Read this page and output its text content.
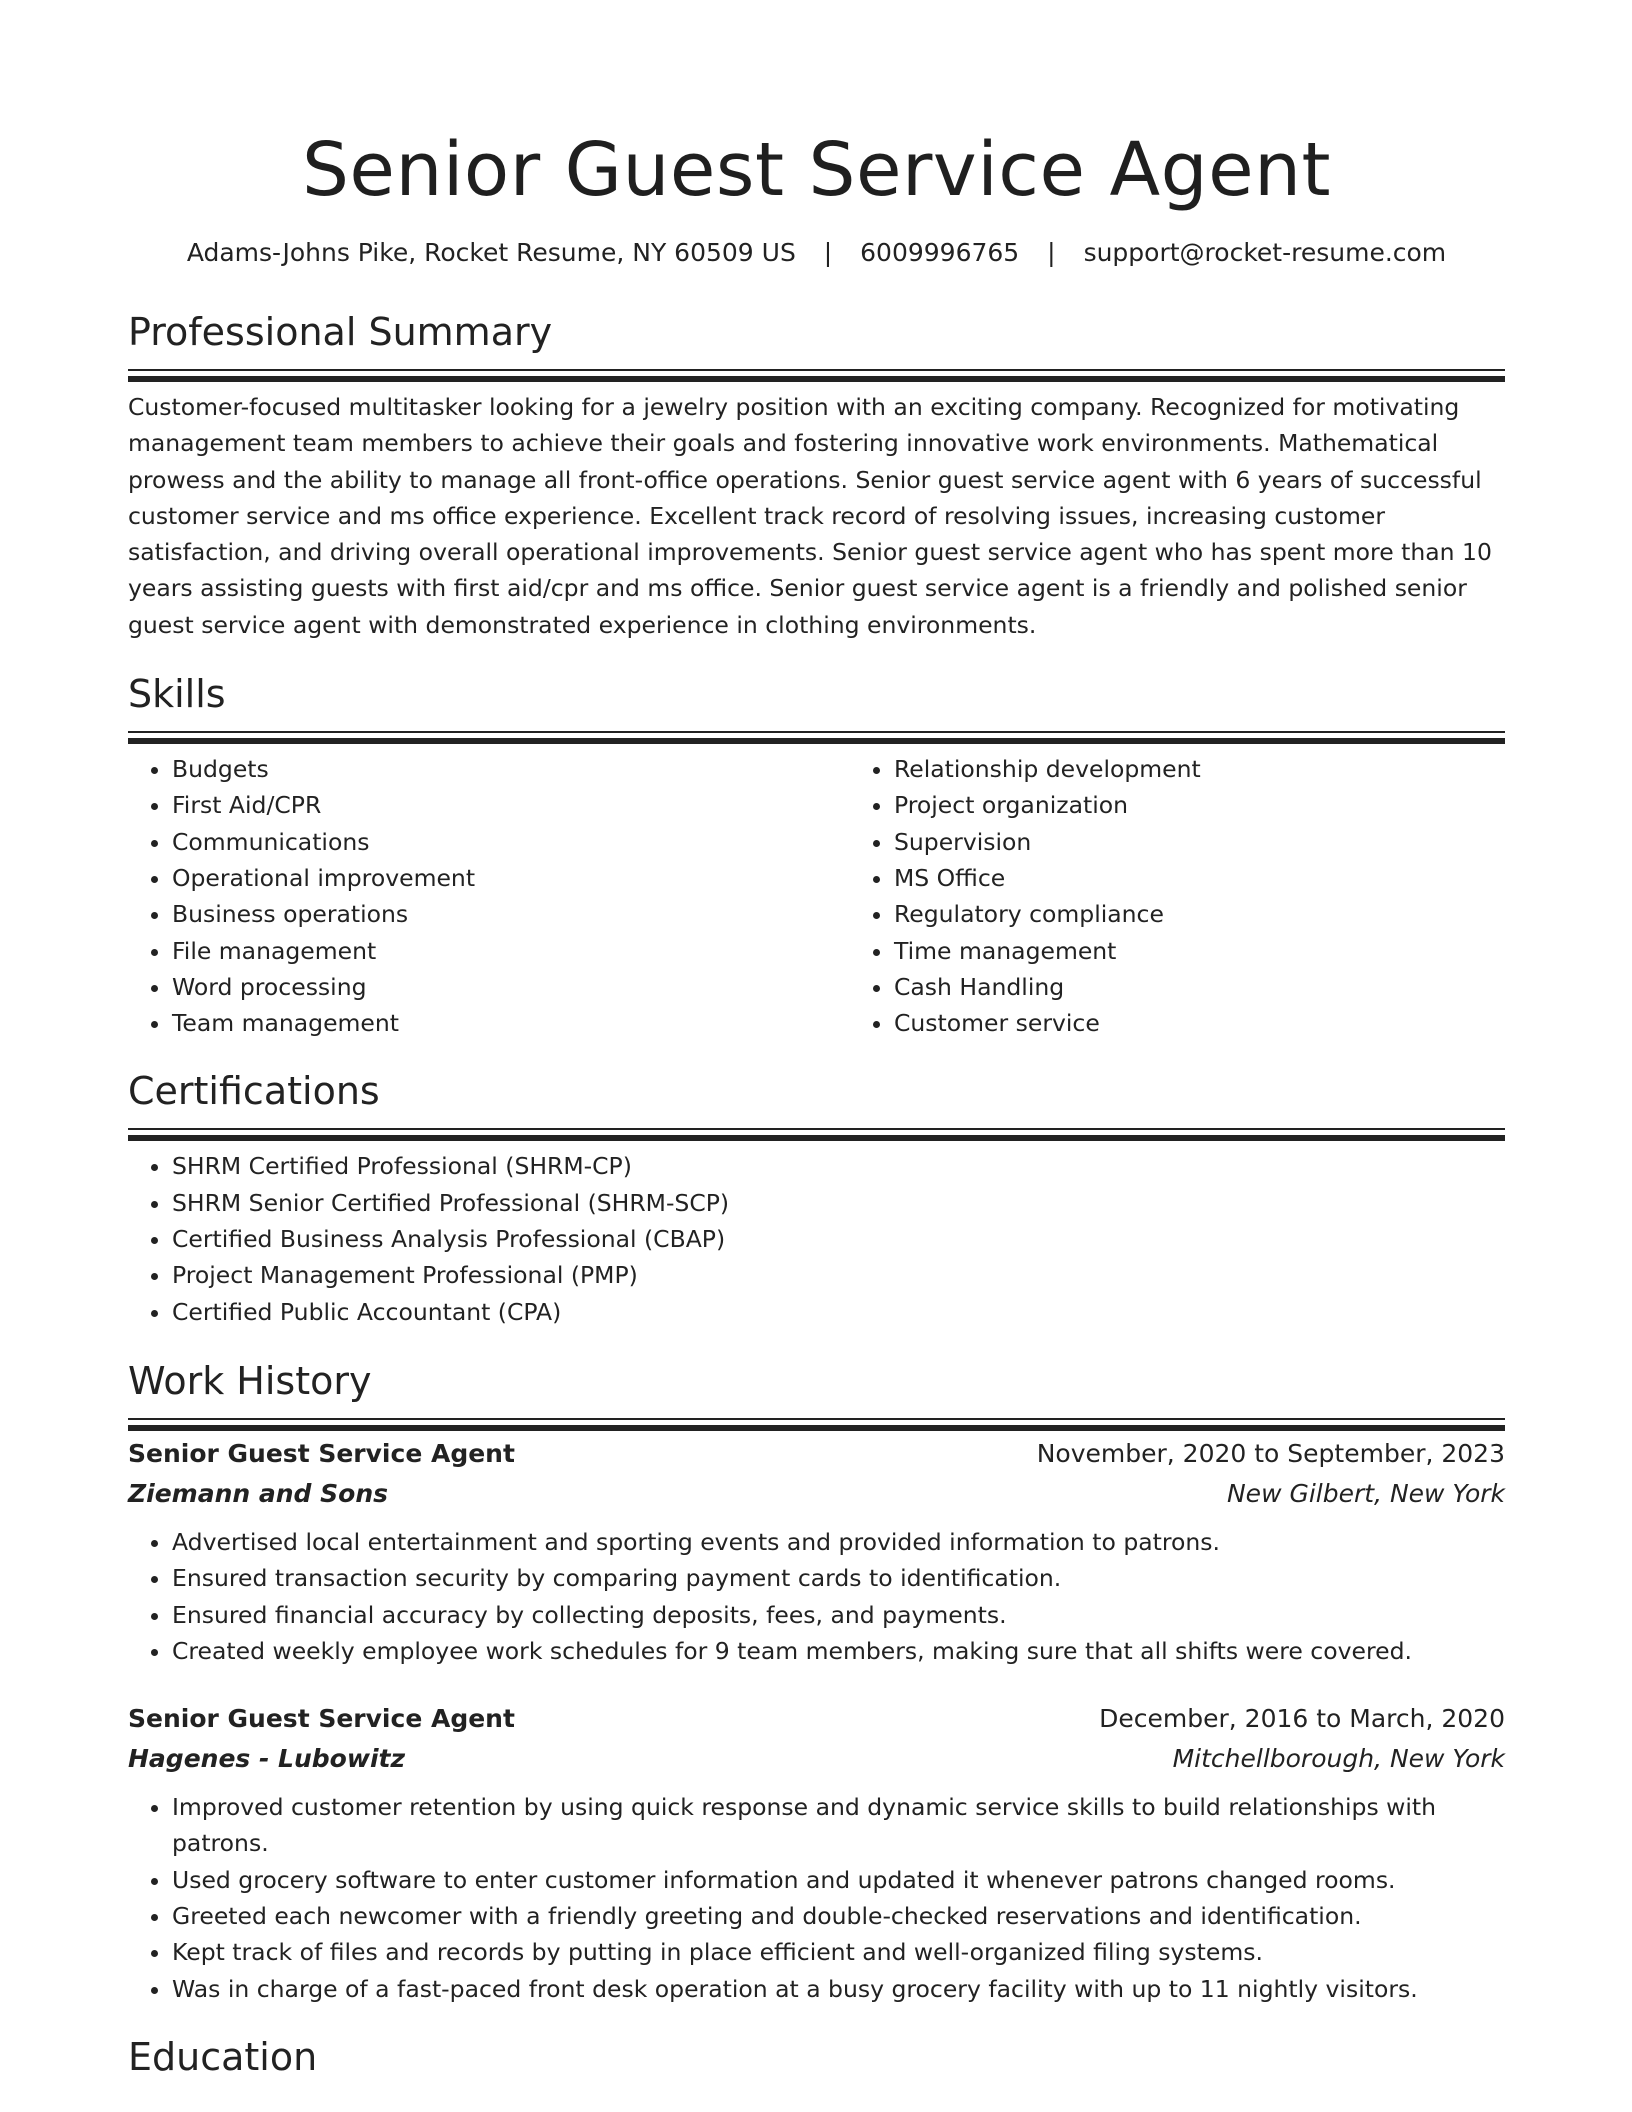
Senior Guest Service Agent
Adams-Johns Pike, Rocket Resume, NY 60509 US | 6009996765 | support@rocket-resume.com
Professional Summary

Customer-focused multitasker looking for a jewelry position with an exciting company. Recognized for motivating management team members to achieve their goals and fostering innovative work environments. Mathematical prowess and the ability to manage all front-office operations. Senior guest service agent with 6 years of successful customer service and ms office experience. Excellent track record of resolving issues, increasing customer satisfaction, and driving overall operational improvements. Senior guest service agent who has spent more than 10 years assisting guests with first aid/cpr and ms office. Senior guest service agent is a friendly and polished senior guest service agent with demonstrated experience in clothing environments.

Skills
• Budgets
• First Aid/CPR
• Communications
• Operational improvement
• Business operations
• File management
• Word processing
• Team management
• Relationship development
• Project organization
• Supervision
• MS Office
• Regulatory compliance
• Time management
• Cash Handling
• Customer service
Certifications
• SHRM Certified Professional (SHRM-CP)
• SHRM Senior Certified Professional (SHRM-SCP)
• Certified Business Analysis Professional (CBAP)
• Project Management Professional (PMP)
• Certified Public Accountant (CPA)
Work History
Senior Guest Service Agent	November, 2020 to September, 2023
Ziemann and Sons	New Gilbert, New York
• Advertised local entertainment and sporting events and provided information to patrons.
• Ensured transaction security by comparing payment cards to identification.
• Ensured financial accuracy by collecting deposits, fees, and payments.
• Created weekly employee work schedules for 9 team members, making sure that all shifts were covered.
Senior Guest Service Agent	December, 2016 to March, 2020
Hagenes - Lubowitz	Mitchellborough, New York
• Improved customer retention by using quick response and dynamic service skills to build relationships with patrons.
• Used grocery software to enter customer information and updated it whenever patrons changed rooms.
• Greeted each newcomer with a friendly greeting and double-checked reservations and identification.
• Kept track of files and records by putting in place efficient and well-organized filing systems.
• Was in charge of a fast-paced front desk operation at a busy grocery facility with up to 11 nightly visitors.
Education
